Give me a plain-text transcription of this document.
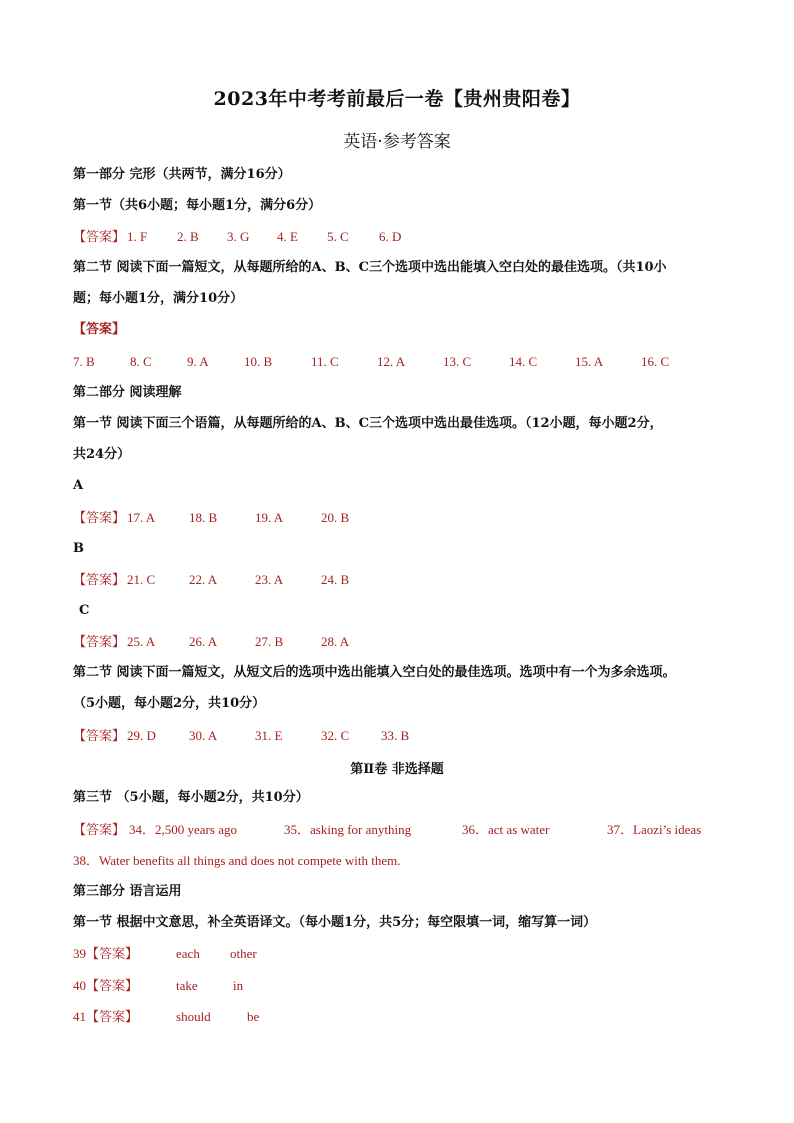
2023年中考考前最后一卷【贵州贵阳卷】
英语·参考答案
第一部分 完形（共两节，满分16分）
第一节（共6小题；每小题1分，满分6分）
【答案】 1. F 2. B 3. G 4. E 5. C 6. D
第二节 阅读下面一篇短文，从每题所给的A、B、C三个选项中选出能填入空白处的最佳选项。（共10小
题；每小题1分，满分10分）
【答案】
7. B	8. C	9. A	10. B	11. C	12. A	13. C	14. C	15. A	16. C
第二部分 阅读理解
第一节 阅读下面三个语篇，从每题所给的A、B、C三个选项中选出最佳选项。（12小题，每小题2分，
共24分）
A
【答案】 17. A	18. B	19. A	20. B
B
【答案】 21. C	22. A	23. A	24. B
C
【答案】 25. A	26. A	27. B	28. A
第二节 阅读下面一篇短文，从短文后的选项中选出能填入空白处的最佳选项。选项中有一个为多余选项。
（5小题，每小题2分，共10分）
【答案】 29. D	30. A	31. E	32. C 33. B
第Ⅱ卷 非选择题
第三节 （5小题，每小题2分，共10分）
【答案】 34．2,500 years ago	35．asking for anything	36．act as water	37．Laozi’s ideas
38．Water benefits all things and does not compete with them.
第三部分 语言运用
第一节 根据中文意思，补全英语译文。（每小题1分，共5分；每空限填一词，缩写算一词）
39【答案】	each other
40【答案】	take	in
41【答案】	should	be
